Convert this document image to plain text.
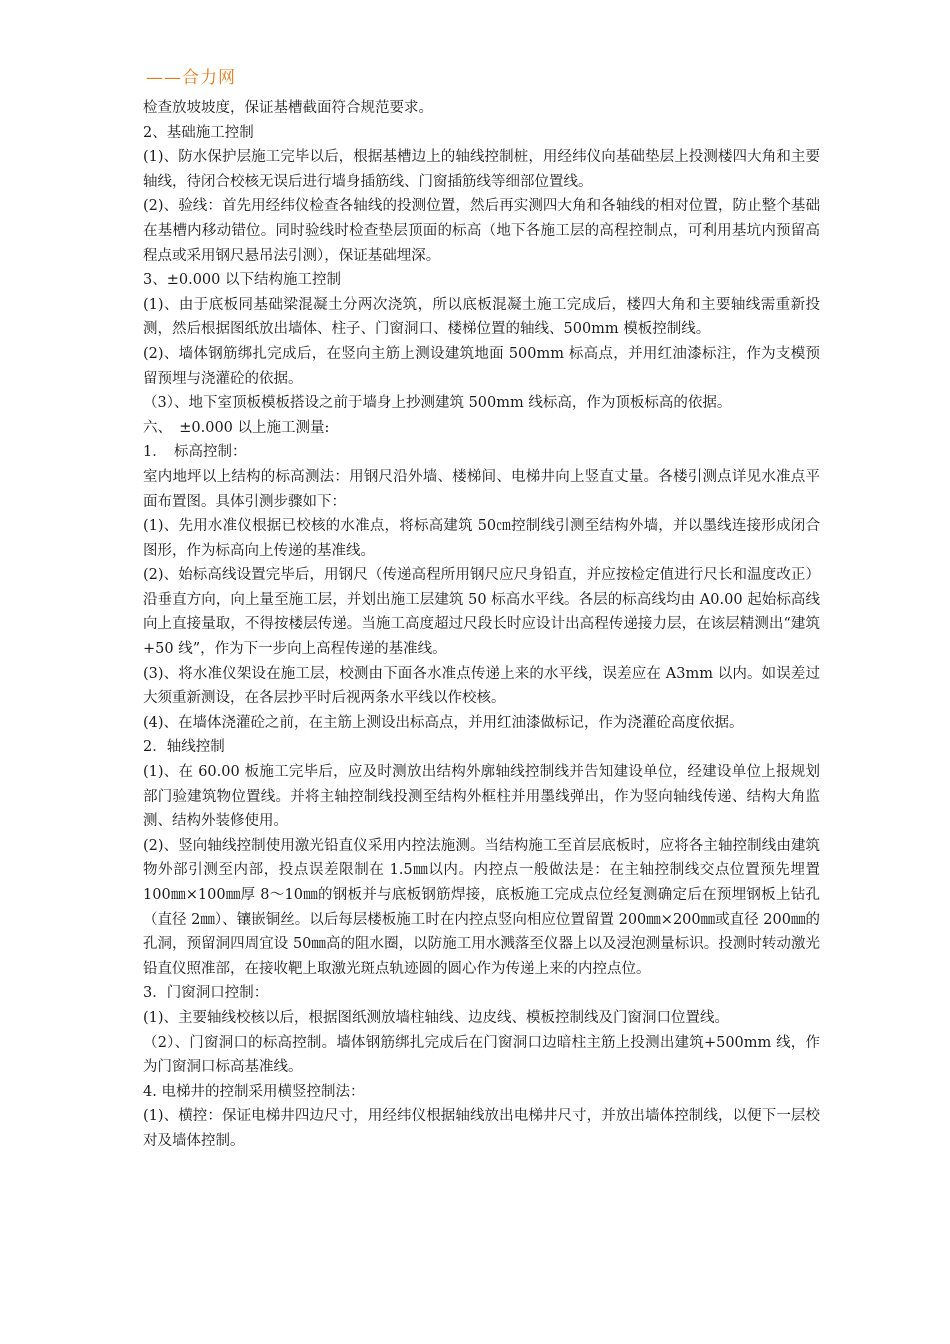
——合力网

检查放坡坡度，保证基槽截面符合规范要求。

2、基础施工控制

(1)、防水保护层施工完毕以后，根据基槽边上的轴线控制桩，用经纬仪向基础垫层上投测楼四大角和主要轴线，待闭合校核无误后进行墙身插筋线、门窗插筋线等细部位置线。

(2)、验线：首先用经纬仪检查各轴线的投测位置，然后再实测四大角和各轴线的相对位置，防止整个基础在基槽内移动错位。同时验线时检查垫层顶面的标高（地下各施工层的高程控制点，可利用基坑内预留高程点或采用钢尺悬吊法引测），保证基础埋深。

3、±0.000 以下结构施工控制

(1)、由于底板同基础梁混凝土分两次浇筑，所以底板混凝土施工完成后，楼四大角和主要轴线需重新投测，然后根据图纸放出墙体、柱子、门窗洞口、楼梯位置的轴线、500mm 模板控制线。

(2)、墙体钢筋绑扎完成后，在竖向主筋上测设建筑地面 500mm 标高点，并用红油漆标注，作为支模预留预埋与浇灌砼的依据。

（3）、地下室顶板模板搭设之前于墙身上抄测建筑 500mm 线标高，作为顶板标高的依据。

六、　±0.000 以上施工测量:

1．　标高控制：

室内地坪以上结构的标高测法：用钢尺沿外墙、楼梯间、电梯井向上竖直丈量。各楼引测点详见水准点平面布置图。具体引测步骤如下：

(1)、先用水准仪根据已校核的水准点，将标高建筑 50㎝控制线引测至结构外墙，并以墨线连接形成闭合图形，作为标高向上传递的基准线。

(2)、始标高线设置完毕后，用钢尺（传递高程所用钢尺应尺身铅直，并应按检定值进行尺长和温度改正）沿垂直方向，向上量至施工层，并划出施工层建筑 50 标高水平线。各层的标高线均由 A0.00 起始标高线向上直接量取，不得按楼层传递。当施工高度超过尺段长时应设计出高程传递接力层，在该层精测出“建筑+50 线”，作为下一步向上高程传递的基准线。

(3)、将水准仪架设在施工层，校测由下面各水准点传递上来的水平线，误差应在 A3mm 以内。如误差过大须重新测设，在各层抄平时后视两条水平线以作校核。

(4)、在墙体浇灌砼之前，在主筋上测设出标高点，并用红油漆做标记，作为浇灌砼高度依据。

2．轴线控制

(1)、在 60.00 板施工完毕后，应及时测放出结构外廓轴线控制线并告知建设单位，经建设单位上报规划部门验建筑物位置线。并将主轴控制线投测至结构外框柱并用墨线弹出，作为竖向轴线传递、结构大角监测、结构外装修使用。

(2)、竖向轴线控制使用激光铅直仪采用内控法施测。当结构施工至首层底板时，应将各主轴控制线由建筑物外部引测至内部，投点误差限制在 1.5㎜以内。内控点一般做法是：在主轴控制线交点位置预先埋置 100㎜×100㎜厚 8～10㎜的钢板并与底板钢筋焊接，底板施工完成点位经复测确定后在预埋钢板上钻孔（直径 2㎜）、镶嵌铜丝。以后每层楼板施工时在内控点竖向相应位置留置 200㎜×200㎜或直径 200㎜的孔洞，预留洞四周宜设 50㎜高的阻水圈，以防施工用水溅落至仪器上以及浸泡测量标识。投测时转动激光铅直仪照准部，在接收靶上取激光斑点轨迹圆的圆心作为传递上来的内控点位。

3．门窗洞口控制：

(1)、主要轴线校核以后，根据图纸测放墙柱轴线、边皮线、模板控制线及门窗洞口位置线。

（2）、门窗洞口的标高控制。墙体钢筋绑扎完成后在门窗洞口边暗柱主筋上投测出建筑+500mm 线，作为门窗洞口标高基准线。

4. 电梯井的控制采用横竖控制法：

(1)、横控：保证电梯井四边尺寸，用经纬仪根据轴线放出电梯井尺寸，并放出墙体控制线，以便下一层校对及墙体控制。
